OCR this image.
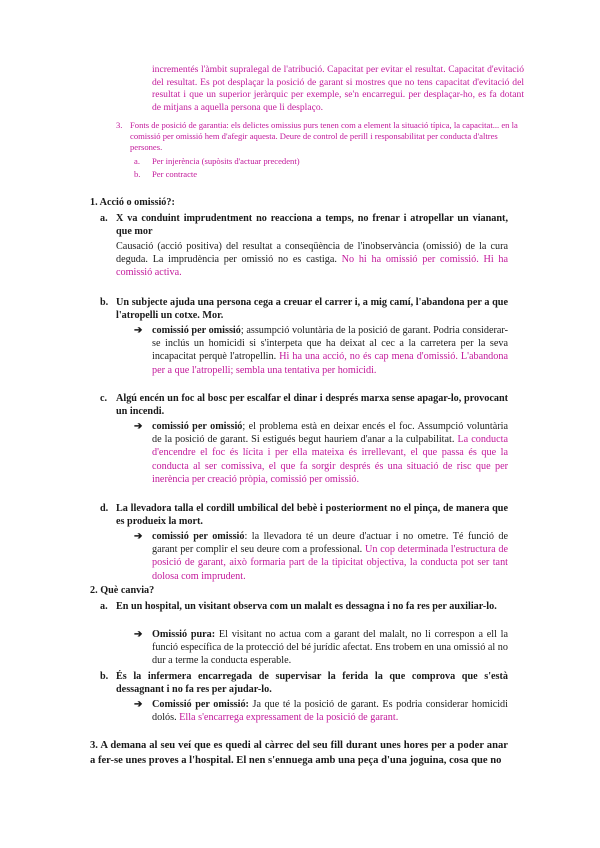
incrementés l'àmbit supralegal de l'atribució. Capacitat per evitar el resultat. Capacitat d'evitació del resultat. Es pot desplaçar la posició de garant si mostres que no tens capacitat d'evitació del resultat i que un superior jeràrquic per exemple, se'n encarregui. per desplaçar-ho, es fa dotant de mitjans a aquella persona que li desplaço.
3. Fonts de posició de garantia: els delictes omissius purs tenen com a element la situació típica, la capacitat... en la comissió per omissió hem d'afegir aquesta. Deure de control de perill i responsabilitat per conducta d'altres persones.
a. Per injerència (supòsits d'actuar precedent)
b. Per contracte
1. Acció o omissió?:
a. X va conduint imprudentment no reacciona a temps, no frenar i atropellar un vianant, que mor
Causació (acció positiva) del resultat a conseqüència de l'inobservància (omissió) de la cura deguda. La imprudència per omissió no es castiga. No hi ha omissió per comissió. Hi ha comissió activa.
b. Un subjecte ajuda una persona cega a creuar el carrer i, a mig camí, l'abandona per a que l'atropelli un cotxe. Mor.
➔ comissió per omissió; assumpció voluntària de la posició de garant. Podria considerar-se inclús un homicidi si s'interpeta que ha deixat al cec a la carretera per la seva incapacitat perquè l'atropellin. Hi ha una acció, no és cap mena d'omissió. L'abandona per a que l'atropelli; sembla una tentativa per homicidi.
c. Algú encén un foc al bosc per escalfar el dinar i després marxa sense apagar-lo, provocant un incendi.
➔ comissió per omissió; el problema està en deixar encés el foc. Assumpció voluntària de la posició de garant. Si estigués begut hauriem d'anar a la culpabilitat. La conducta d'encendre el foc és lícita i per ella mateixa és irrellevant, el que passa és que la conducta al ser comissiva, el que fa sorgir després és una situació de risc que per inerència per creació pròpia, comissió per omissió.
d. La llevadora talla el cordill umbilical del bebè i posteriorment no el pinça, de manera que es produeix la mort.
➔ comissió per omissió: la llevadora té un deure d'actuar i no ometre. Té funció de garant per complir el seu deure com a professional. Un cop determinada l'estructura de posició de garant, això formaria part de la tipicitat objectiva, la conducta pot ser tant dolosa com imprudent.
2. Què canvia?
a. En un hospital, un visitant observa com un malalt es dessagna i no fa res per auxiliar-lo.
➔ Omissió pura: El visitant no actua com a garant del malalt, no li correspon a ell la funció específica de la protecció del bé jurídic afectat. Ens trobem en una omissió al no dur a terme la conducta esperable.
b. És la infermera encarregada de supervisar la ferida la que comprova que s'està dessagnant i no fa res per ajudar-lo.
➔ Comissió per omissió: Ja que té la posició de garant. Es podria considerar homicidi dolós. Ella s'encarrega expressament de la posició de garant.
3. A demana al seu veí que es quedi al càrrec del seu fill durant unes hores per a poder anar a fer-se unes proves a l'hospital. El nen s'ennuega amb una peça d'una joguina, cosa que no
